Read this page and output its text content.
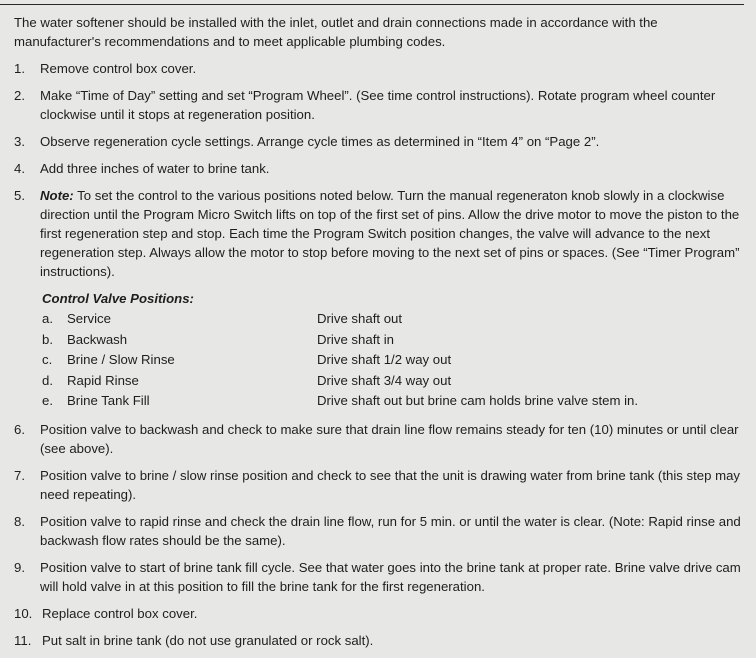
The water softener should be installed with the inlet, outlet and drain connections made in accordance with the manufacturer's recommendations and to meet applicable plumbing codes.

1. Remove control box cover.
2. Make “Time of Day” setting and set “Program Wheel”. (See time control instructions). Rotate program wheel counter clockwise until it stops at regeneration position.
3. Observe regeneration cycle settings. Arrange cycle times as determined in “Item 4” on “Page 2”.
4. Add three inches of water to brine tank.
5. Note: To set the control to the various positions noted below. Turn the manual regeneraton knob slowly in a clockwise direction until the Program Micro Switch lifts on top of the first set of pins. Allow the drive motor to move the piston to the first regeneration step and stop. Each time the Program Switch position changes, the valve will advance to the next regeneration step. Always allow the motor to stop before moving to the next set of pins or spaces. (See “Timer Program” instructions).
Control Valve Positions:
a.	Service	Drive shaft out
b.	Backwash	Drive shaft in
c.	Brine / Slow Rinse	Drive shaft 1/2 way out
d.	Rapid Rinse	Drive shaft 3/4 way out
e.	Brine Tank Fill	Drive shaft out but brine cam holds brine valve stem in.
6. Position valve to backwash and check to make sure that drain line flow remains steady for ten (10) minutes or until clear (see above).
7. Position valve to brine / slow rinse position and check to see that the unit is drawing water from brine tank (this step may need repeating).
8. Position valve to rapid rinse and check the drain line flow, run for 5 min. or until the water is clear. (Note: Rapid rinse and backwash flow rates should be the same).
9. Position valve to start of brine tank fill cycle. See that water goes into the brine tank at proper rate. Brine valve drive cam will hold valve in at this position to fill the brine tank for the first regeneration.
10. Replace control box cover.
11. Put salt in brine tank (do not use granulated or rock salt).
